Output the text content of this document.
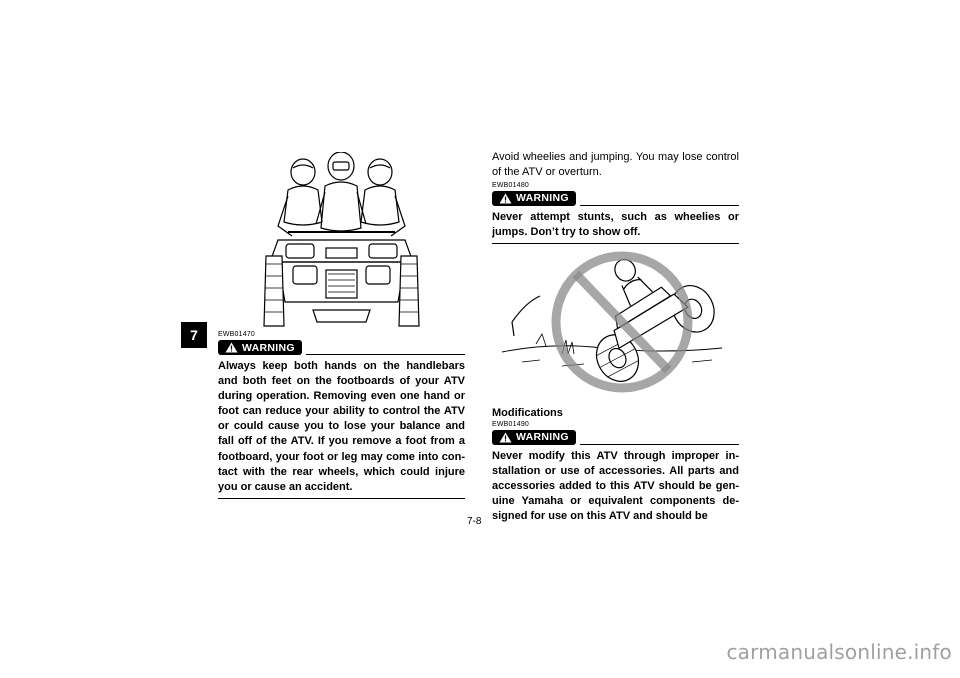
7	EWB01470

WARNING

Always keep both hands on the handlebars and both feet on the footboards of your ATV during operation. Removing even one hand or foot can reduce your ability to control the ATV or could cause you to lose your balance and fall off of the ATV. If you remove a foot from a footboard, your foot or leg may come into con-tact with the rear wheels, which could injure you or cause an accident.

Avoid wheelies and jumping. You may lose control of the ATV or overturn.

EWB01480

WARNING

Never attempt stunts, such as wheelies or jumps. Don’t try to show off.

Modifications

EWB01490

WARNING

Never modify this ATV through improper in-stallation or use of accessories. All parts and accessories added to this ATV should be gen-uine Yamaha or equivalent components de-signed for use on this ATV and should be

7-8
carmanualsonline.info
